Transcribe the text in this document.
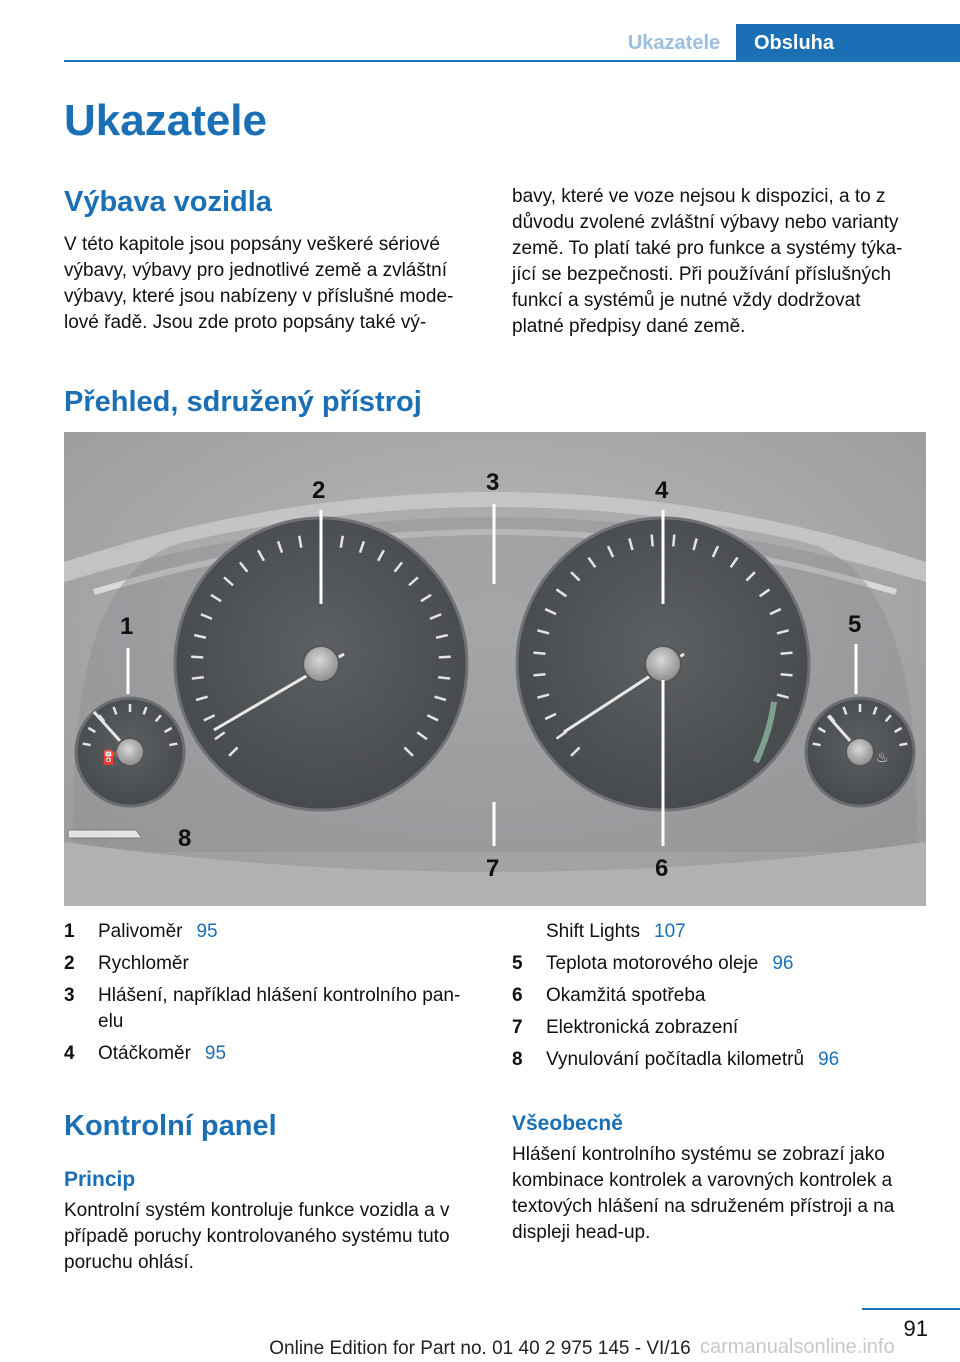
Ukazatele	Obsluha
Ukazatele
Výbava vozidla
V této kapitole jsou popsány veškeré sériové
výbavy, výbavy pro jednotlivé země a zvláštní
výbavy, které jsou nabízeny v příslušné mode-
lové řadě. Jsou zde proto popsány také vý-
bavy, které ve voze nejsou k dispozici, a to z
důvodu zvolené zvláštní výbavy nebo varianty
země. To platí také pro funkce a systémy týka-
jící se bezpečnosti. Při používání příslušných
funkcí a systémů je nutné vždy dodržovat
platné předpisy dané země.
Přehled, sdružený přístroj
⛽	♨
1
2	3	4
5
6
7
8
1	Palivoměr 95
2	Rychloměr
3	Hlášení, například hlášení kontrolního pan-elu
4	Otáčkoměr 95
Shift Lights 107
5	Teplota motorového oleje 96
6	Okamžitá spotřeba
7	Elektronická zobrazení
8	Vynulování počítadla kilometrů 96
Kontrolní panel
Princip
Kontrolní systém kontroluje funkce vozidla a v
případě poruchy kontrolovaného systému tuto
poruchu ohlásí.
Všeobecně
Hlášení kontrolního systému se zobrazí jako
kombinace kontrolek a varovných kontrolek a
textových hlášení na sdruženém přístroji a na
displeji head-up.
91
Online Edition for Part no. 01 40 2 975 145 - VI/16 carmanualsonline.info
